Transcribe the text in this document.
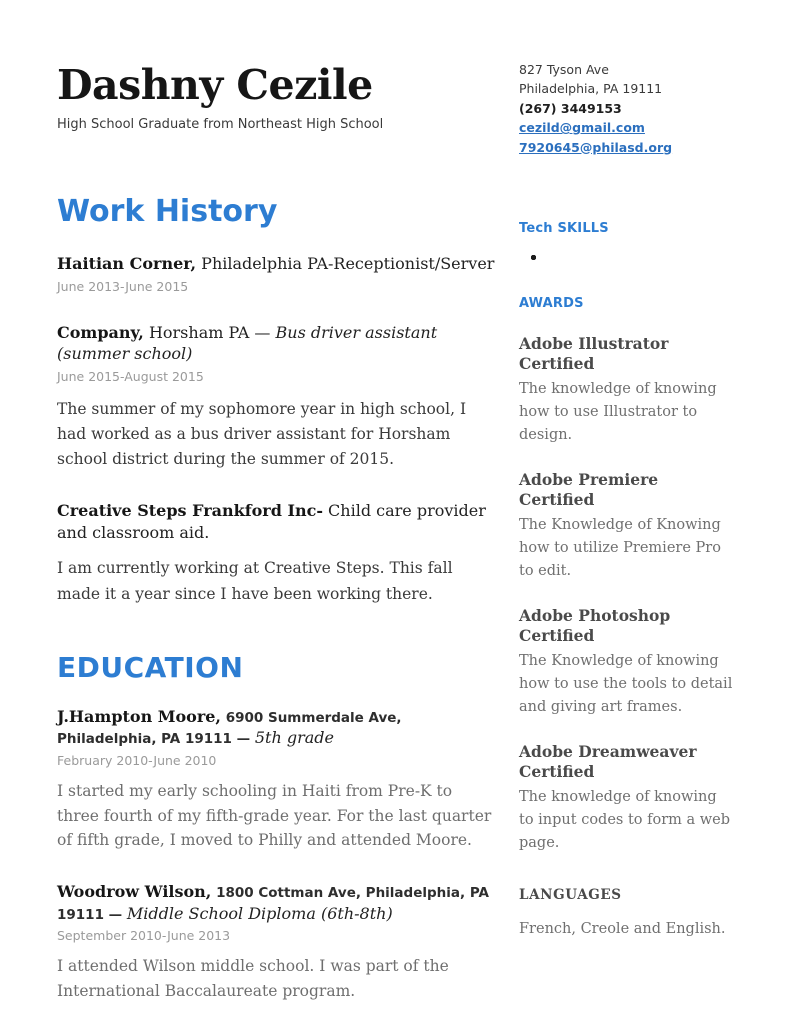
Dashny Cezile
High School Graduate from Northeast High School
Work History
Haitian Corner, Philadelphia PA-Receptionist/Server
June 2013-June 2015
Company, Horsham PA — Bus driver assistant (summer school)
June 2015-August 2015
The summer of my sophomore year in high school, I had worked as a bus driver assistant for Horsham school district during the summer of 2015.
Creative Steps Frankford Inc- Child care provider and classroom aid.
I am currently working at Creative Steps. This fall made it a year since I have been working there.
EDUCATION
J.Hampton Moore, 6900 Summerdale Ave, Philadelphia, PA 19111 — 5th grade
February 2010-June 2010
I started my early schooling in Haiti from Pre-K to three fourth of my fifth-grade year. For the last quarter of fifth grade, I moved to Philly and attended Moore.
Woodrow Wilson, 1800 Cottman Ave, Philadelphia, PA 19111 — Middle School Diploma (6th-8th)
September 2010-June 2013
I attended Wilson middle school. I was part of the International Baccalaureate program.
827 Tyson Ave
Philadelphia, PA 19111
(267) 3449153
cezild@gmail.com
7920645@philasd.org
Tech SKILLS
AWARDS
Adobe Illustrator Certified
The knowledge of knowing how to use Illustrator to design.
Adobe Premiere Certified
The Knowledge of Knowing how to utilize Premiere Pro to edit.
Adobe Photoshop Certified
The Knowledge of knowing how to use the tools to detail and giving art frames.
Adobe Dreamweaver Certified
The knowledge of knowing to input codes to form a web page.
LANGUAGES
French, Creole and English.
